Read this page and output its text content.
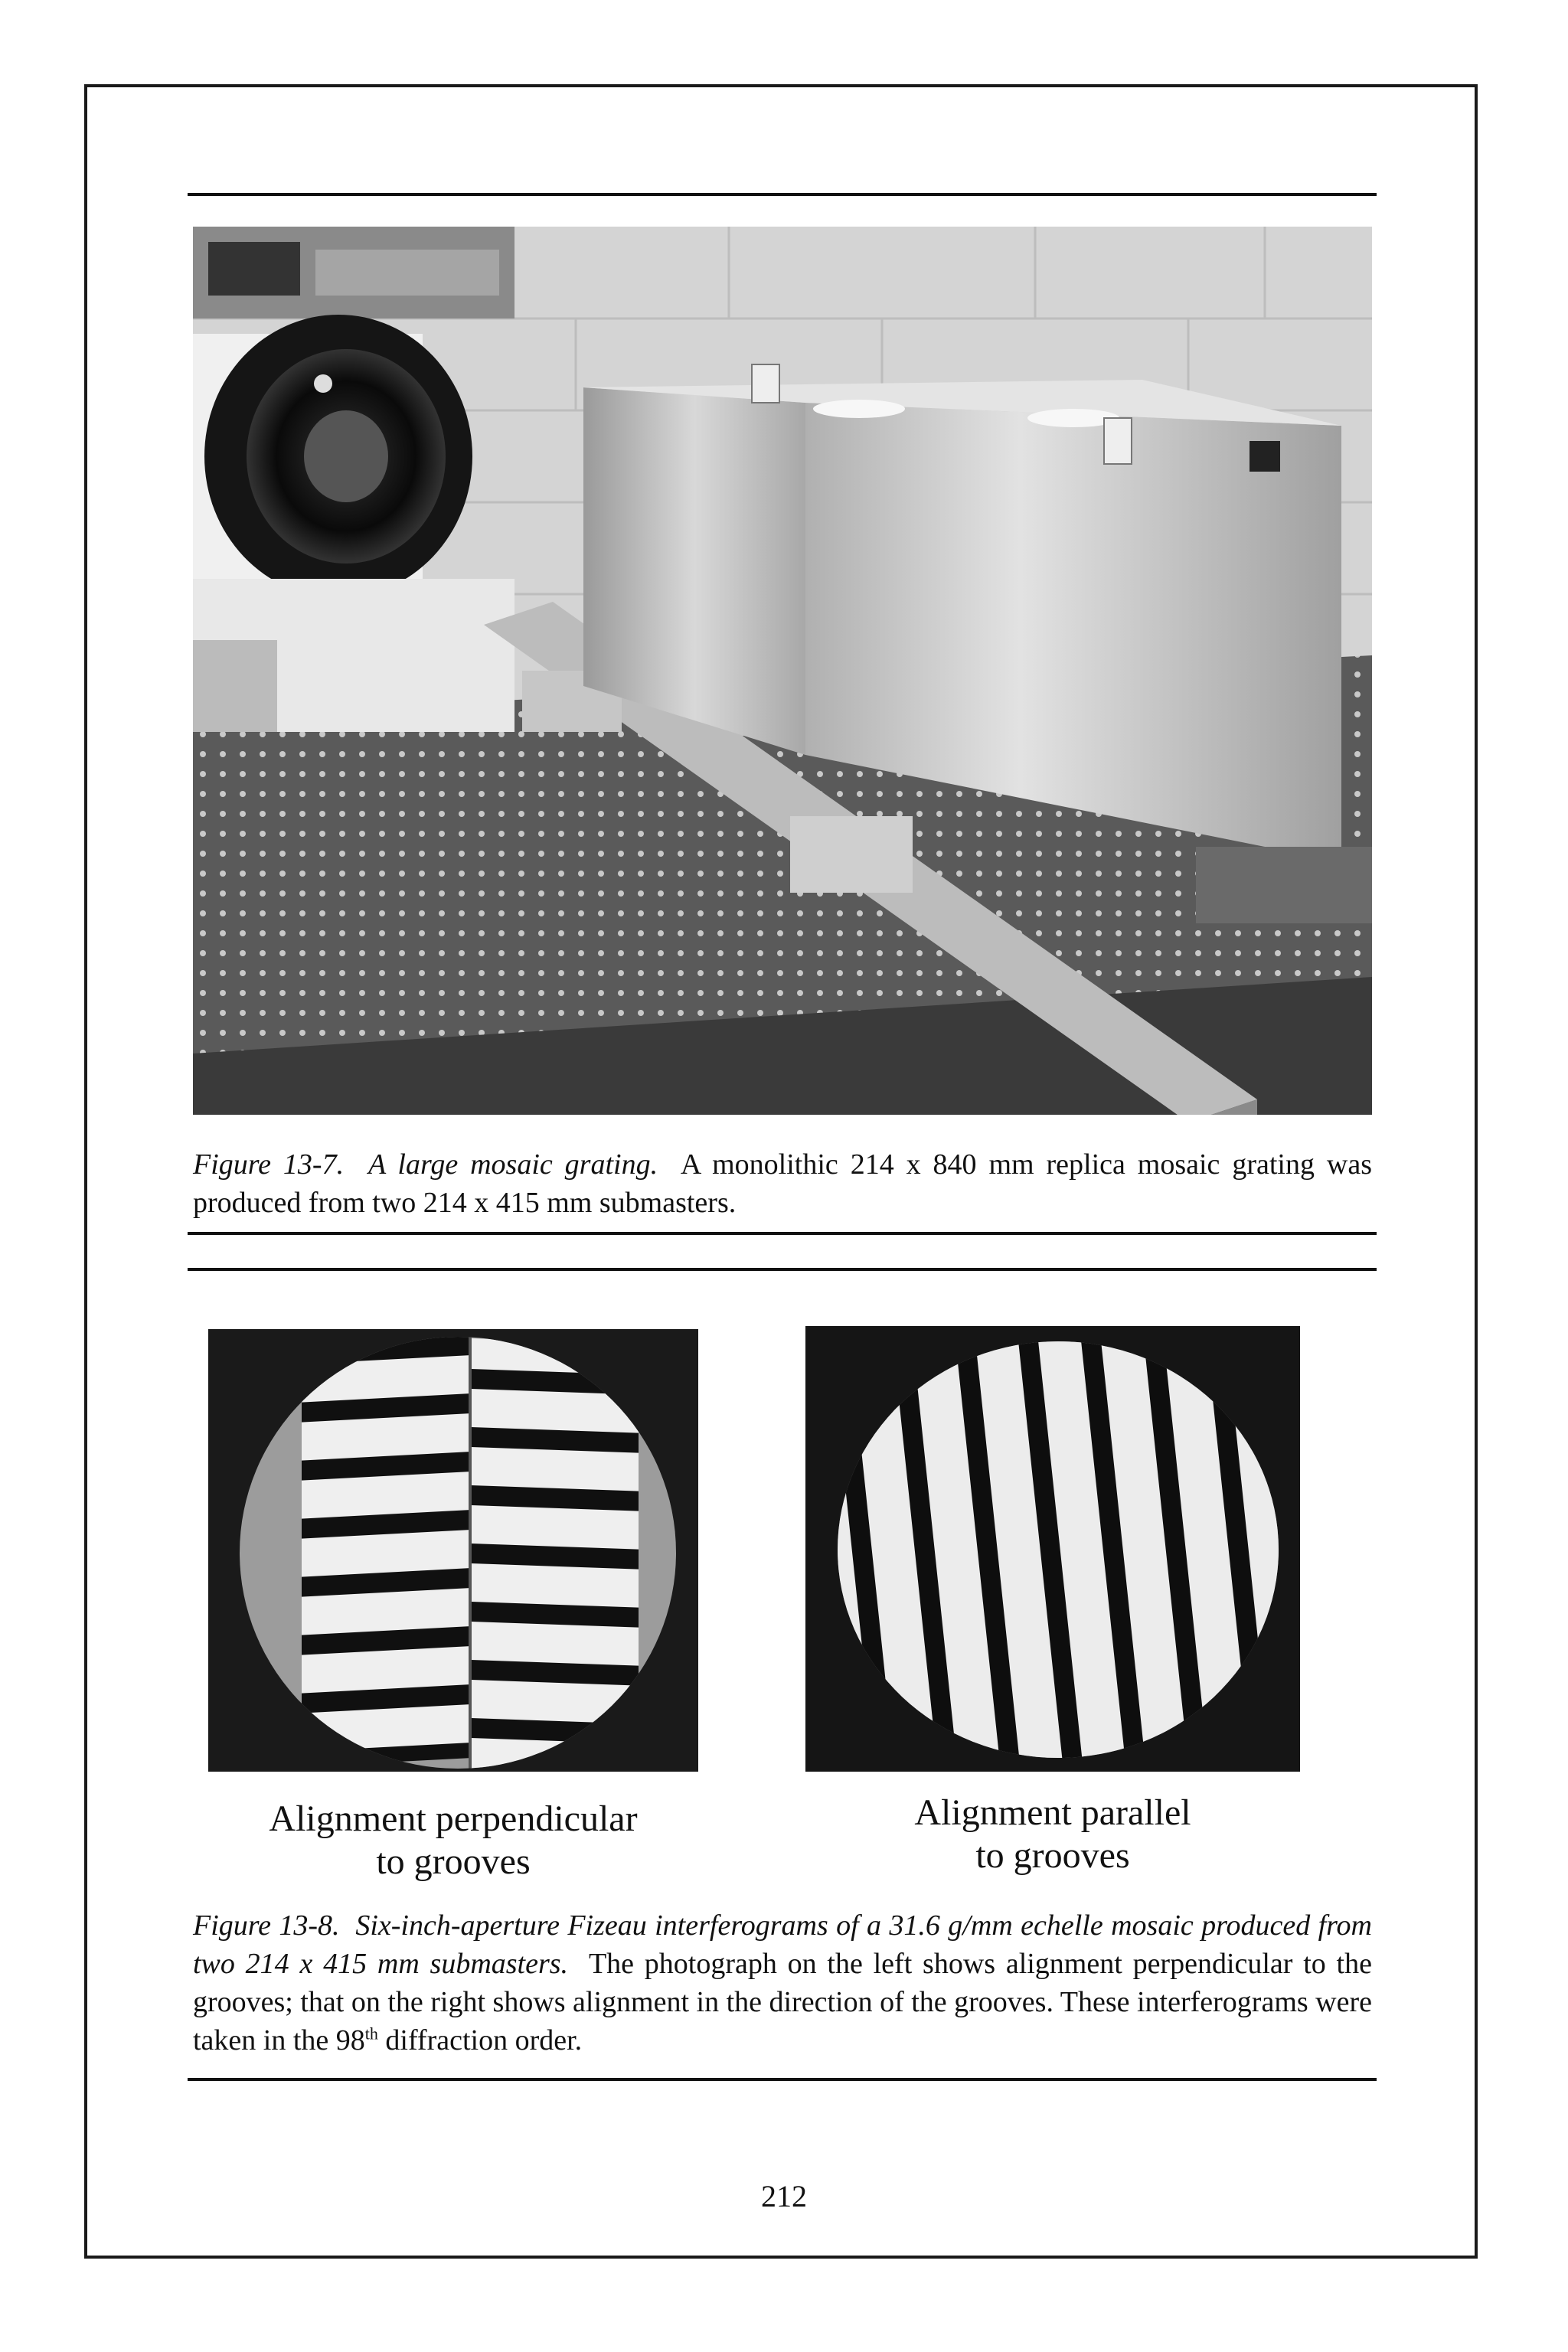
Figure 13-7. A large mosaic grating. A monolithic 214 x 840 mm replica mosaic grating was produced from two 214 x 415 mm submasters.
Alignment perpendicular
to grooves
Alignment parallel
to grooves
Figure 13-8. Six-inch-aperture Fizeau interferograms of a 31.6 g/mm echelle mosaic produced from two 214 x 415 mm submasters. The photograph on the left shows alignment perpendicular to the grooves; that on the right shows alignment in the direction of the grooves. These interferograms were taken in the 98th diffraction order.
212
